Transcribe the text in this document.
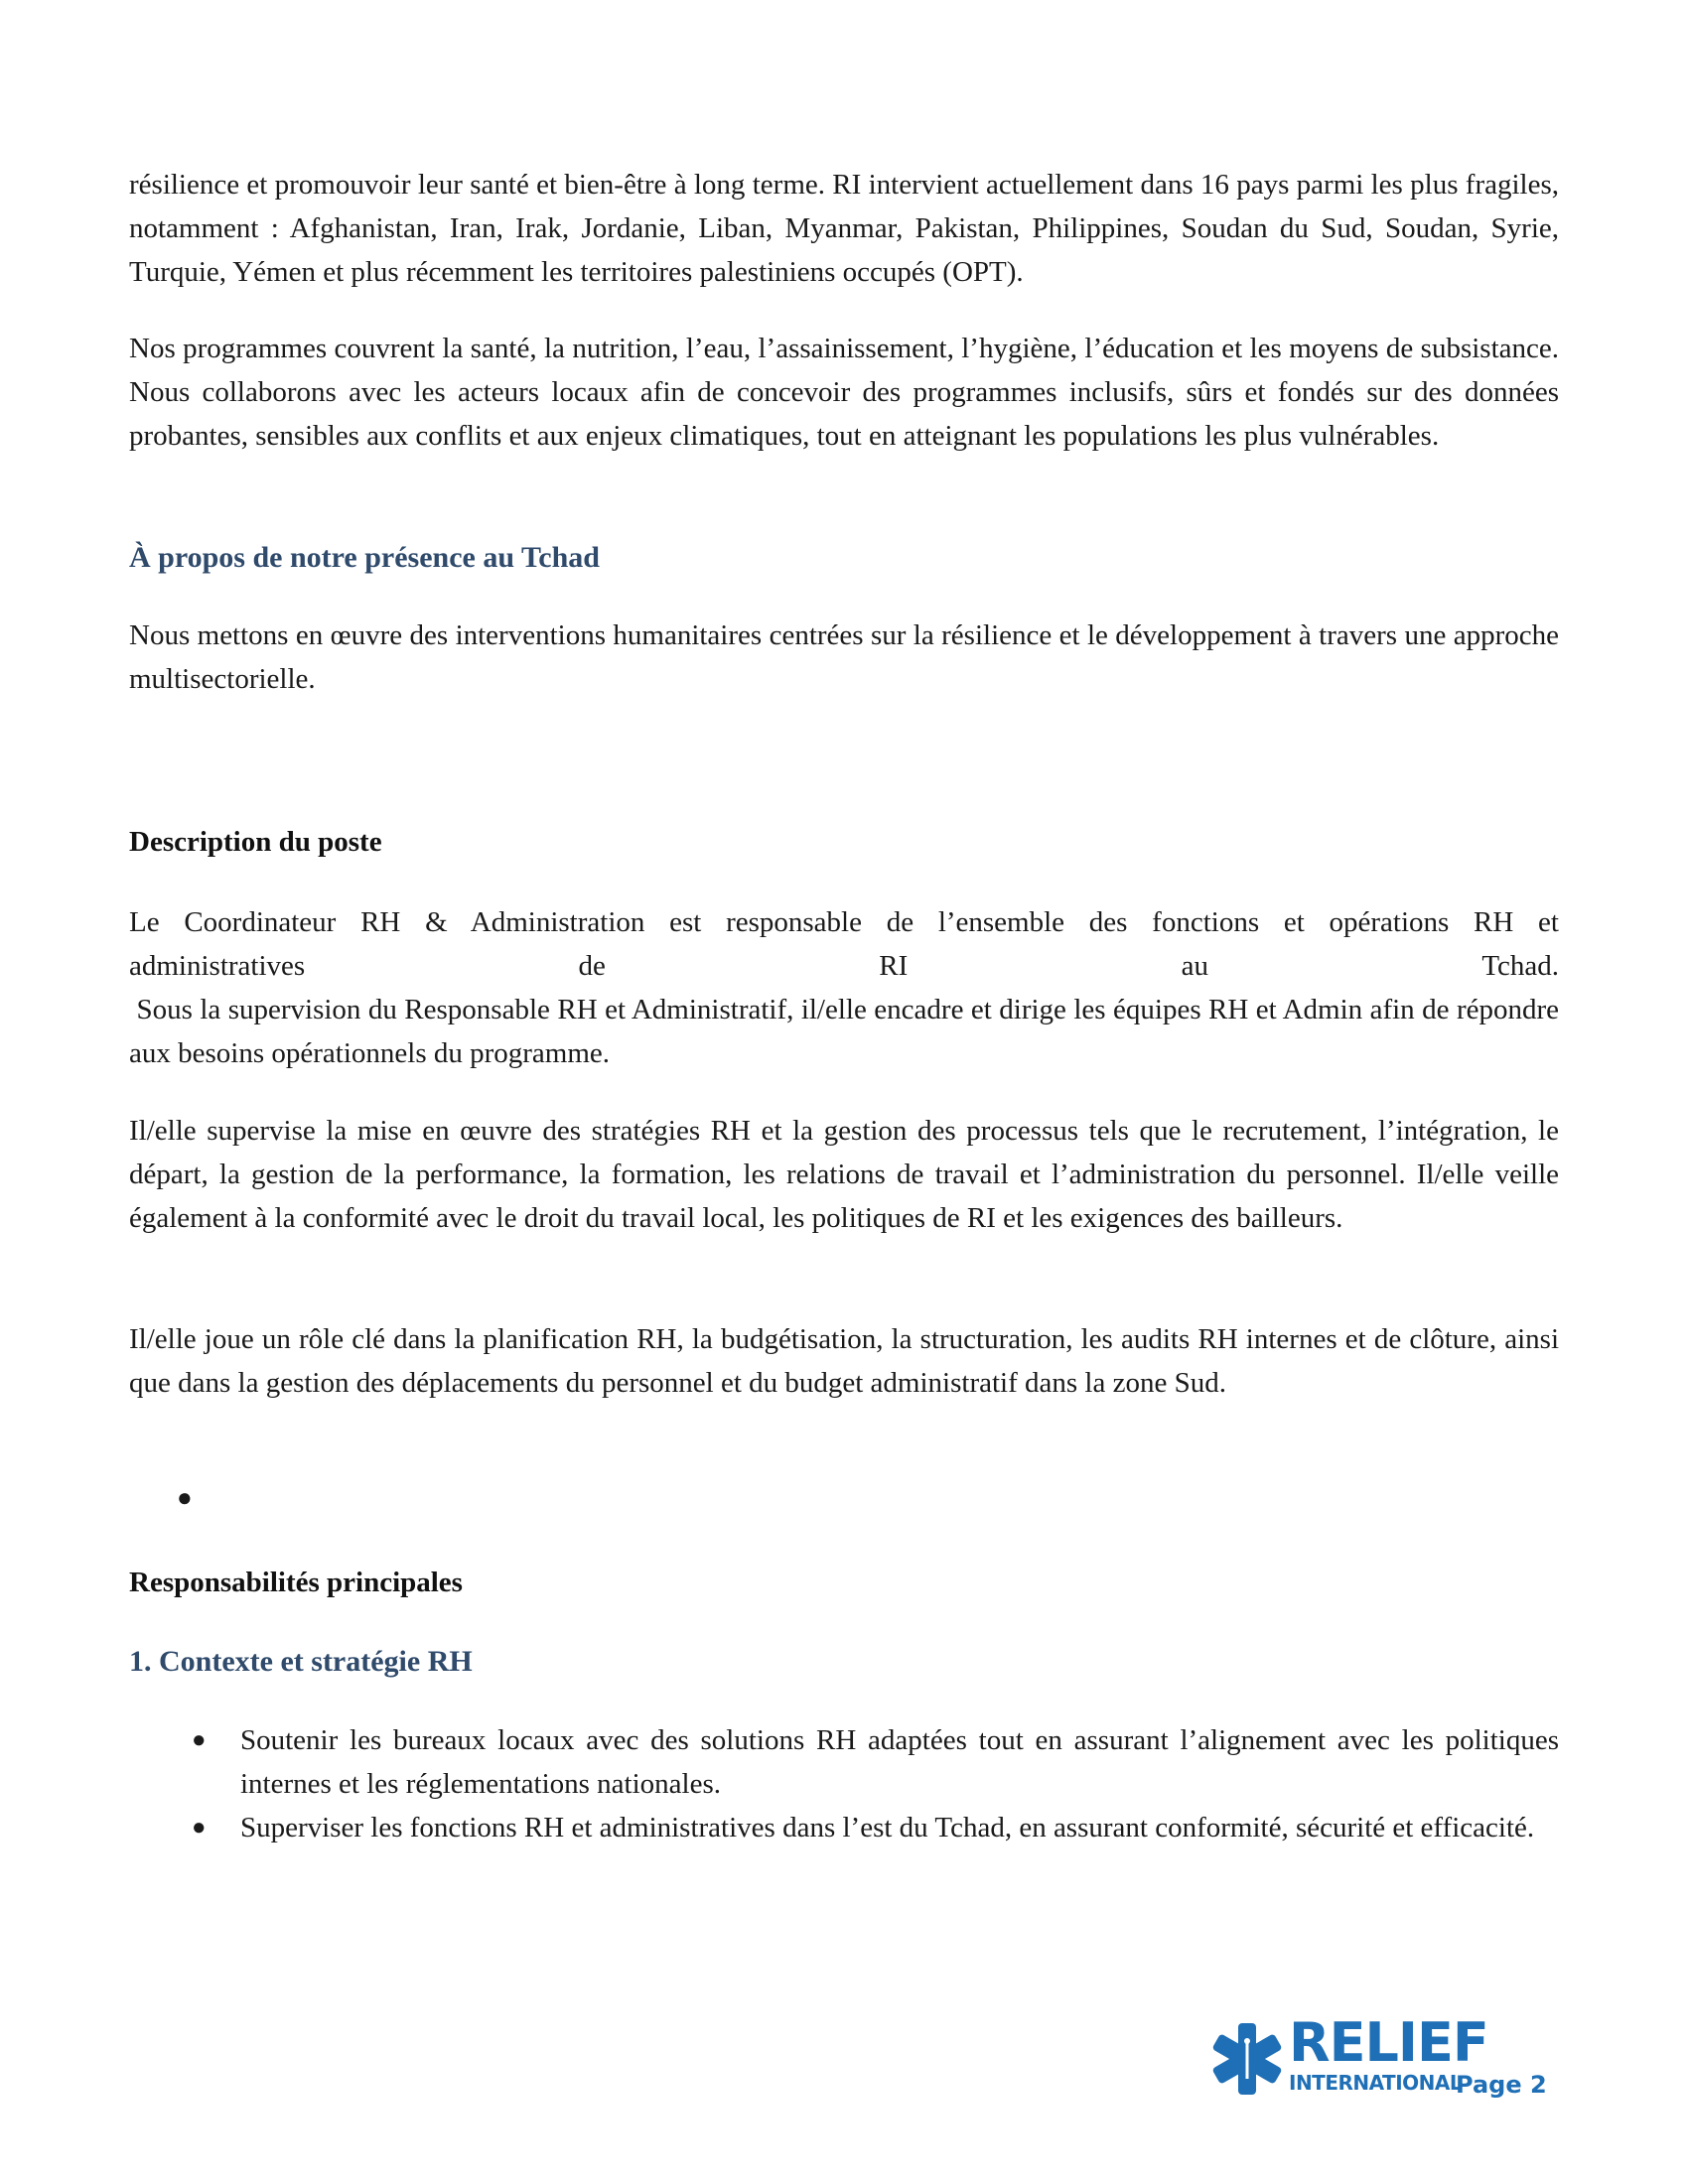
résilience et promouvoir leur santé et bien-être à long terme. RI intervient actuellement dans 16 pays parmi les plus fragiles, notamment : Afghanistan, Iran, Irak, Jordanie, Liban, Myanmar, Pakistan, Philippines, Soudan du Sud, Soudan, Syrie, Turquie, Yémen et plus récemment les territoires palestiniens occupés (OPT).

Nos programmes couvrent la santé, la nutrition, l’eau, l’assainissement, l’hygiène, l’éducation et les moyens de subsistance. Nous collaborons avec les acteurs locaux afin de concevoir des programmes inclusifs, sûrs et fondés sur des données probantes, sensibles aux conflits et aux enjeux climatiques, tout en atteignant les populations les plus vulnérables.

À propos de notre présence au Tchad

Nous mettons en œuvre des interventions humanitaires centrées sur la résilience et le développement à travers une approche multisectorielle.

Description du poste

Le Coordinateur RH & Administration est responsable de l’ensemble des fonctions et opérations RH et

administratives	de	RI	au	Tchad.

Sous la supervision du Responsable RH et Administratif, il/elle encadre et dirige les équipes RH et Admin afin de répondre aux besoins opérationnels du programme.

Il/elle supervise la mise en œuvre des stratégies RH et la gestion des processus tels que le recrutement, l’intégration, le départ, la gestion de la performance, la formation, les relations de travail et l’administration du personnel. Il/elle veille également à la conformité avec le droit du travail local, les politiques de RI et les exigences des bailleurs.

Il/elle joue un rôle clé dans la planification RH, la budgétisation, la structuration, les audits RH internes et de clôture, ainsi que dans la gestion des déplacements du personnel et du budget administratif dans la zone Sud.

●
Responsabilités principales
1. Contexte et stratégie RH
● Soutenir les bureaux locaux avec des solutions RH adaptées tout en assurant l’alignement avec les politiques internes et les réglementations nationales.
● Superviser les fonctions RH et administratives dans l’est du Tchad, en assurant conformité, sécurité et efficacité.
RELIEF
INTERNATIONAL
Page 2
